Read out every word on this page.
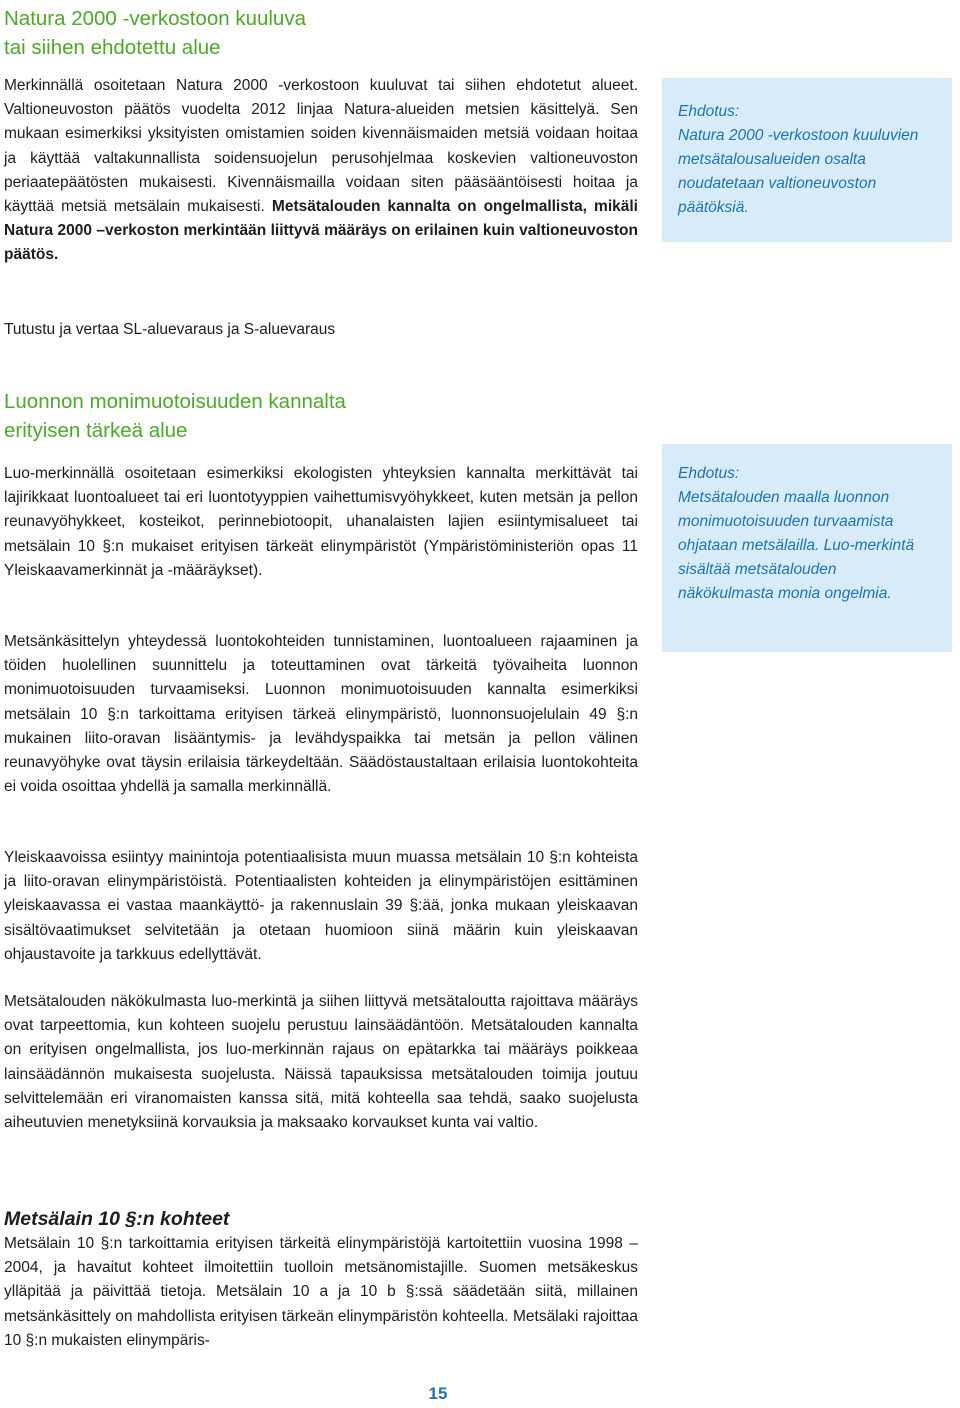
Natura 2000 -verkostoon kuuluva
tai siihen ehdotettu alue

Merkinnällä osoitetaan Natura 2000 -verkostoon kuuluvat tai siihen ehdotetut alueet. Valtioneuvoston päätös vuodelta 2012 linjaa Natura-alueiden metsien käsittelyä. Sen mukaan esimerkiksi yksityisten omistamien soiden kivennäismaiden metsiä voidaan hoitaa ja käyttää valtakunnallista soidensuojelun perusohjelmaa koskevien valtioneuvoston periaatepäätösten mukaisesti. Kivennäismailla voidaan siten pääsääntöisesti hoitaa ja käyttää metsiä metsälain mukaisesti. Metsätalouden kannalta on ongelmallista, mikäli Natura 2000 –verkoston merkintään liittyvä määräys on erilainen kuin valtioneuvoston päätös.

Tutustu ja vertaa SL-aluevaraus ja S-aluevaraus

Ehdotus:
Natura 2000 -verkostoon kuuluvien metsätalousalueiden osalta noudatetaan valtioneuvoston päätöksiä.
Luonnon monimuotoisuuden kannalta
erityisen tärkeä alue

Luo-merkinnällä osoitetaan esimerkiksi ekologisten yhteyksien kannalta merkittävät tai lajirikkaat luontoalueet tai eri luontotyyppien vaihettumisvyöhykkeet, kuten metsän ja pellon reunavyöhykkeet, kosteikot, perinnebiotoopit, uhanalaisten lajien esiintymisalueet tai metsälain 10 §:n mukaiset erityisen tärkeät elinympäristöt (Ympäristöministeriön opas 11 Yleiskaavamerkinnät ja -määräykset).

Metsänkäsittelyn yhteydessä luontokohteiden tunnistaminen, luontoalueen rajaaminen ja töiden huolellinen suunnittelu ja toteuttaminen ovat tärkeitä työvaiheita luonnon monimuotoisuuden turvaamiseksi. Luonnon monimuotoisuuden kannalta esimerkiksi metsälain 10 §:n tarkoittama erityisen tärkeä elinympäristö, luonnonsuojelulain 49 §:n mukainen liito-oravan lisääntymis- ja levähdyspaikka tai metsän ja pellon välinen reunavyöhyke ovat täysin erilaisia tärkeydeltään. Säädöstaustaltaan erilaisia luontokohteita ei voida osoittaa yhdellä ja samalla merkinnällä.

Yleiskaavoissa esiintyy mainintoja potentiaalisista muun muassa metsälain 10 §:n kohteista ja liito-oravan elinympäristöistä. Potentiaalisten kohteiden ja elinympäristöjen esittäminen yleiskaavassa ei vastaa maankäyttö- ja rakennuslain 39 §:ää, jonka mukaan yleiskaavan sisältövaatimukset selvitetään ja otetaan huomioon siinä määrin kuin yleiskaavan ohjaustavoite ja tarkkuus edellyttävät.

Metsätalouden näkökulmasta luo-merkintä ja siihen liittyvä metsätaloutta rajoittava määräys ovat tarpeettomia, kun kohteen suojelu perustuu lainsäädäntöön. Metsätalouden kannalta on erityisen ongelmallista, jos luo-merkinnän rajaus on epätarkka tai määräys poikkeaa lainsäädännön mukaisesta suojelusta. Näissä tapauksissa metsätalouden toimija joutuu selvittelemään eri viranomaisten kanssa sitä, mitä kohteella saa tehdä, saako suojelusta aiheutuvien menetyksiinä korvauksia ja maksaako korvaukset kunta vai valtio.

Ehdotus:
Metsätalouden maalla luonnon monimuotoisuuden turvaamista ohjataan metsälailla. Luo-merkintä sisältää metsätalouden näkökulmasta monia ongelmia.
Metsälain 10 §:n kohteet

Metsälain 10 §:n tarkoittamia erityisen tärkeitä elinympäristöjä kartoitettiin vuosina 1998 – 2004, ja havaitut kohteet ilmoitettiin tuolloin metsänomistajille. Suomen metsäkeskus ylläpitää ja päivittää tietoja. Metsälain 10 a ja 10 b §:ssä säädetään siitä, millainen metsänkäsittely on mahdollista erityisen tärkeän elinympäristön kohteella. Metsälaki rajoittaa 10 §:n mukaisten elinympäris-

15
